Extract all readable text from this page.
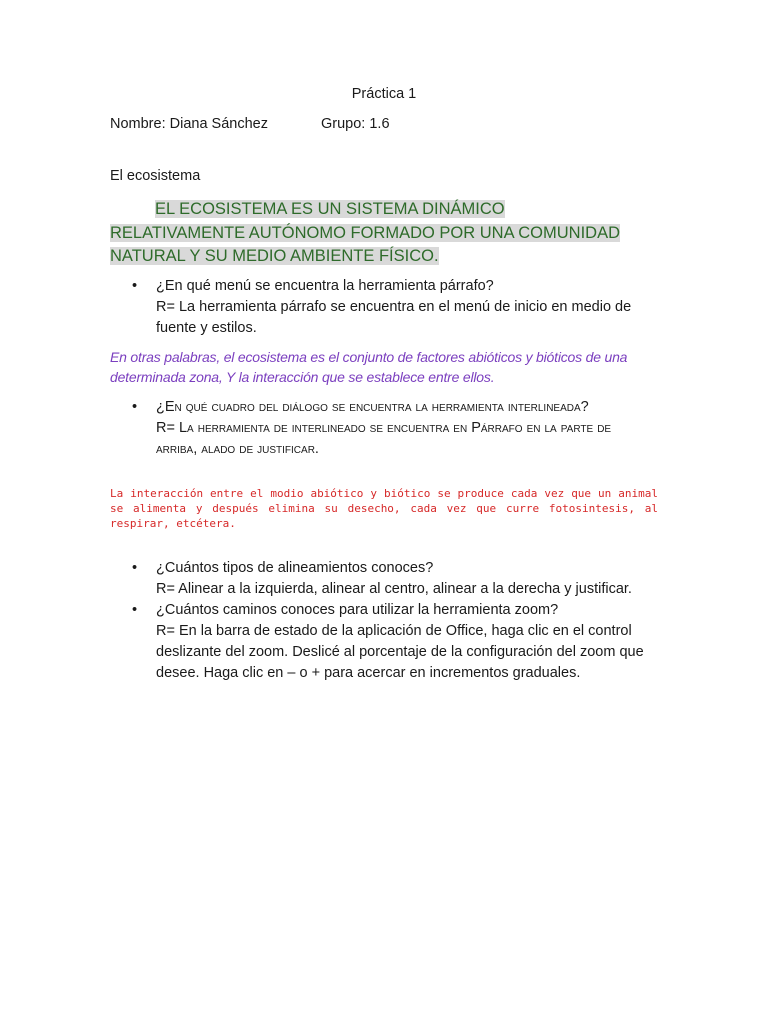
Práctica 1
Nombre: Diana Sánchez	Grupo: 1.6
El ecosistema
EL ECOSISTEMA ES UN SISTEMA DINÁMICO RELATIVAMENTE AUTÓNOMO FORMADO POR UNA COMUNIDAD NATURAL Y SU MEDIO AMBIENTE FÍSICO.
• ¿En qué menú se encuentra la herramienta párrafo?
R= La herramienta párrafo se encuentra en el menú de inicio en medio de fuente y estilos.
En otras palabras, el ecosistema es el conjunto de factores abióticos y bióticos de una determinada zona, Y la interacción que se establece entre ellos.
• ¿En qué cuadro del diálogo se encuentra la herramienta interlineada?
R= La herramienta de interlineado se encuentra en Párrafo en la parte de arriba, alado de justificar.
La interacción entre el modio abiótico y biótico se produce cada vez que un animal se alimenta y después elimina su desecho, cada vez que curre fotosintesis, al respirar, etcétera.
• ¿Cuántos tipos de alineamientos conoces?
R= Alinear a la izquierda, alinear al centro, alinear a la derecha y justificar.
• ¿Cuántos caminos conoces para utilizar la herramienta zoom?
R= En la barra de estado de la aplicación de Office, haga clic en el control deslizante del zoom. Deslicé al porcentaje de la configuración del zoom que desee. Haga clic en – o + para acercar en incrementos graduales.
